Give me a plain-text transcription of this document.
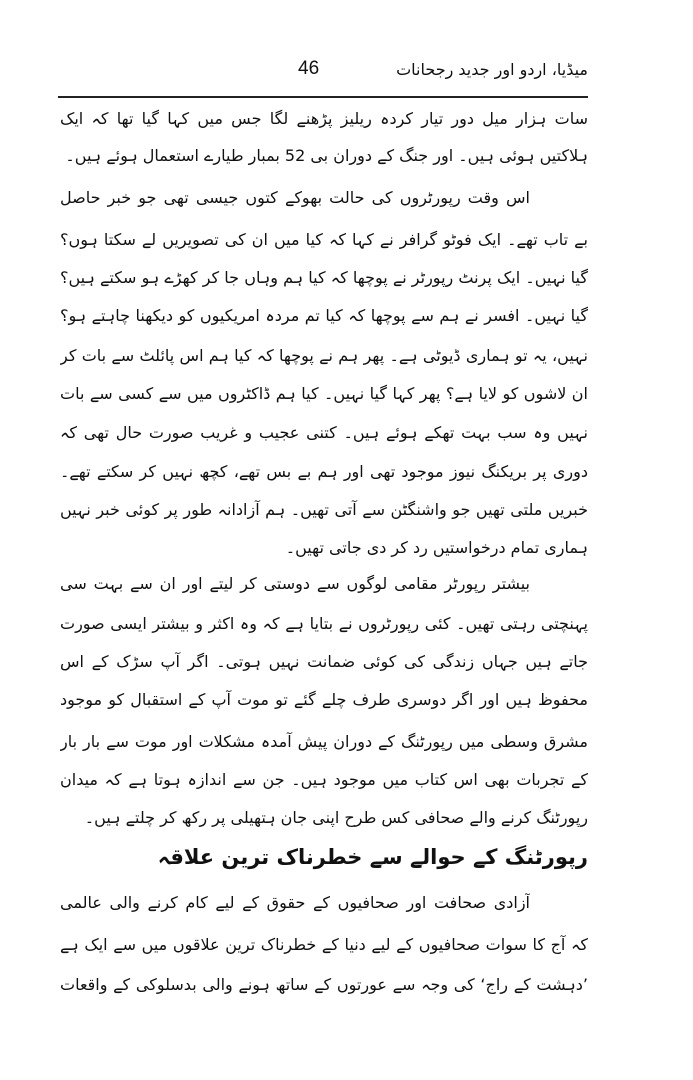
میڈیا، اردو اور جدید رجحانات
46
سات ہزار میل دور تیار کردہ ریلیز پڑھنے لگا جس میں کہا گیا تھا کہ ایک
ہلاکتیں ہوئی ہیں۔ اور جنگ کے دوران بی 52 بمبار طیارے استعمال ہوئے ہیں۔
اس وقت رپورٹروں کی حالت بھوکے کتوں جیسی تھی جو خبر حاصل
بے تاب تھے۔ ایک فوٹو گرافر نے کہا کہ کیا میں ان کی تصویریں لے سکتا ہوں؟
گیا نہیں۔ ایک پرنٹ رپورٹر نے پوچھا کہ کیا ہم وہاں جا کر کھڑے ہو سکتے ہیں؟
گیا نہیں۔ افسر نے ہم سے پوچھا کہ کیا تم مردہ امریکیوں کو دیکھنا چاہتے ہو؟
نہیں، یہ تو ہماری ڈیوٹی ہے۔ پھر ہم نے پوچھا کہ کیا ہم اس پائلٹ سے بات کر
ان لاشوں کو لایا ہے؟ پھر کہا گیا نہیں۔ کیا ہم ڈاکٹروں میں سے کسی سے بات
نہیں وہ سب بہت تھکے ہوئے ہیں۔ کتنی عجیب و غریب صورت حال تھی کہ
دوری پر بریکنگ نیوز موجود تھی اور ہم بے بس تھے، کچھ نہیں کر سکتے تھے۔
خبریں ملتی تھیں جو واشنگٹن سے آتی تھیں۔ ہم آزادانہ طور پر کوئی خبر نہیں
ہماری تمام درخواستیں رد کر دی جاتی تھیں۔
بیشتر رپورٹر مقامی لوگوں سے دوستی کر لیتے اور ان سے بہت سی
پہنچتی رہتی تھیں۔ کئی رپورٹروں نے بتایا ہے کہ وہ اکثر و بیشتر ایسی صورت
جاتے ہیں جہاں زندگی کی کوئی ضمانت نہیں ہوتی۔ اگر آپ سڑک کے اس
محفوظ ہیں اور اگر دوسری طرف چلے گئے تو موت آپ کے استقبال کو موجود
مشرق وسطی میں رپورٹنگ کے دوران پیش آمدہ مشکلات اور موت سے بار بار
کے تجربات بھی اس کتاب میں موجود ہیں۔ جن سے اندازہ ہوتا ہے کہ میدان
رپورٹنگ کرنے والے صحافی کس طرح اپنی جان ہتھیلی پر رکھ کر چلتے ہیں۔
رپورٹنگ کے حوالے سے خطرناک ترین علاقہ
آزادی صحافت اور صحافیوں کے حقوق کے لیے کام کرنے والی عالمی
کہ آج کا سوات صحافیوں کے لیے دنیا کے خطرناک ترین علاقوں میں سے ایک ہے
’دہشت کے راج‘ کی وجہ سے عورتوں کے ساتھ ہونے والی بدسلوکی کے واقعات
